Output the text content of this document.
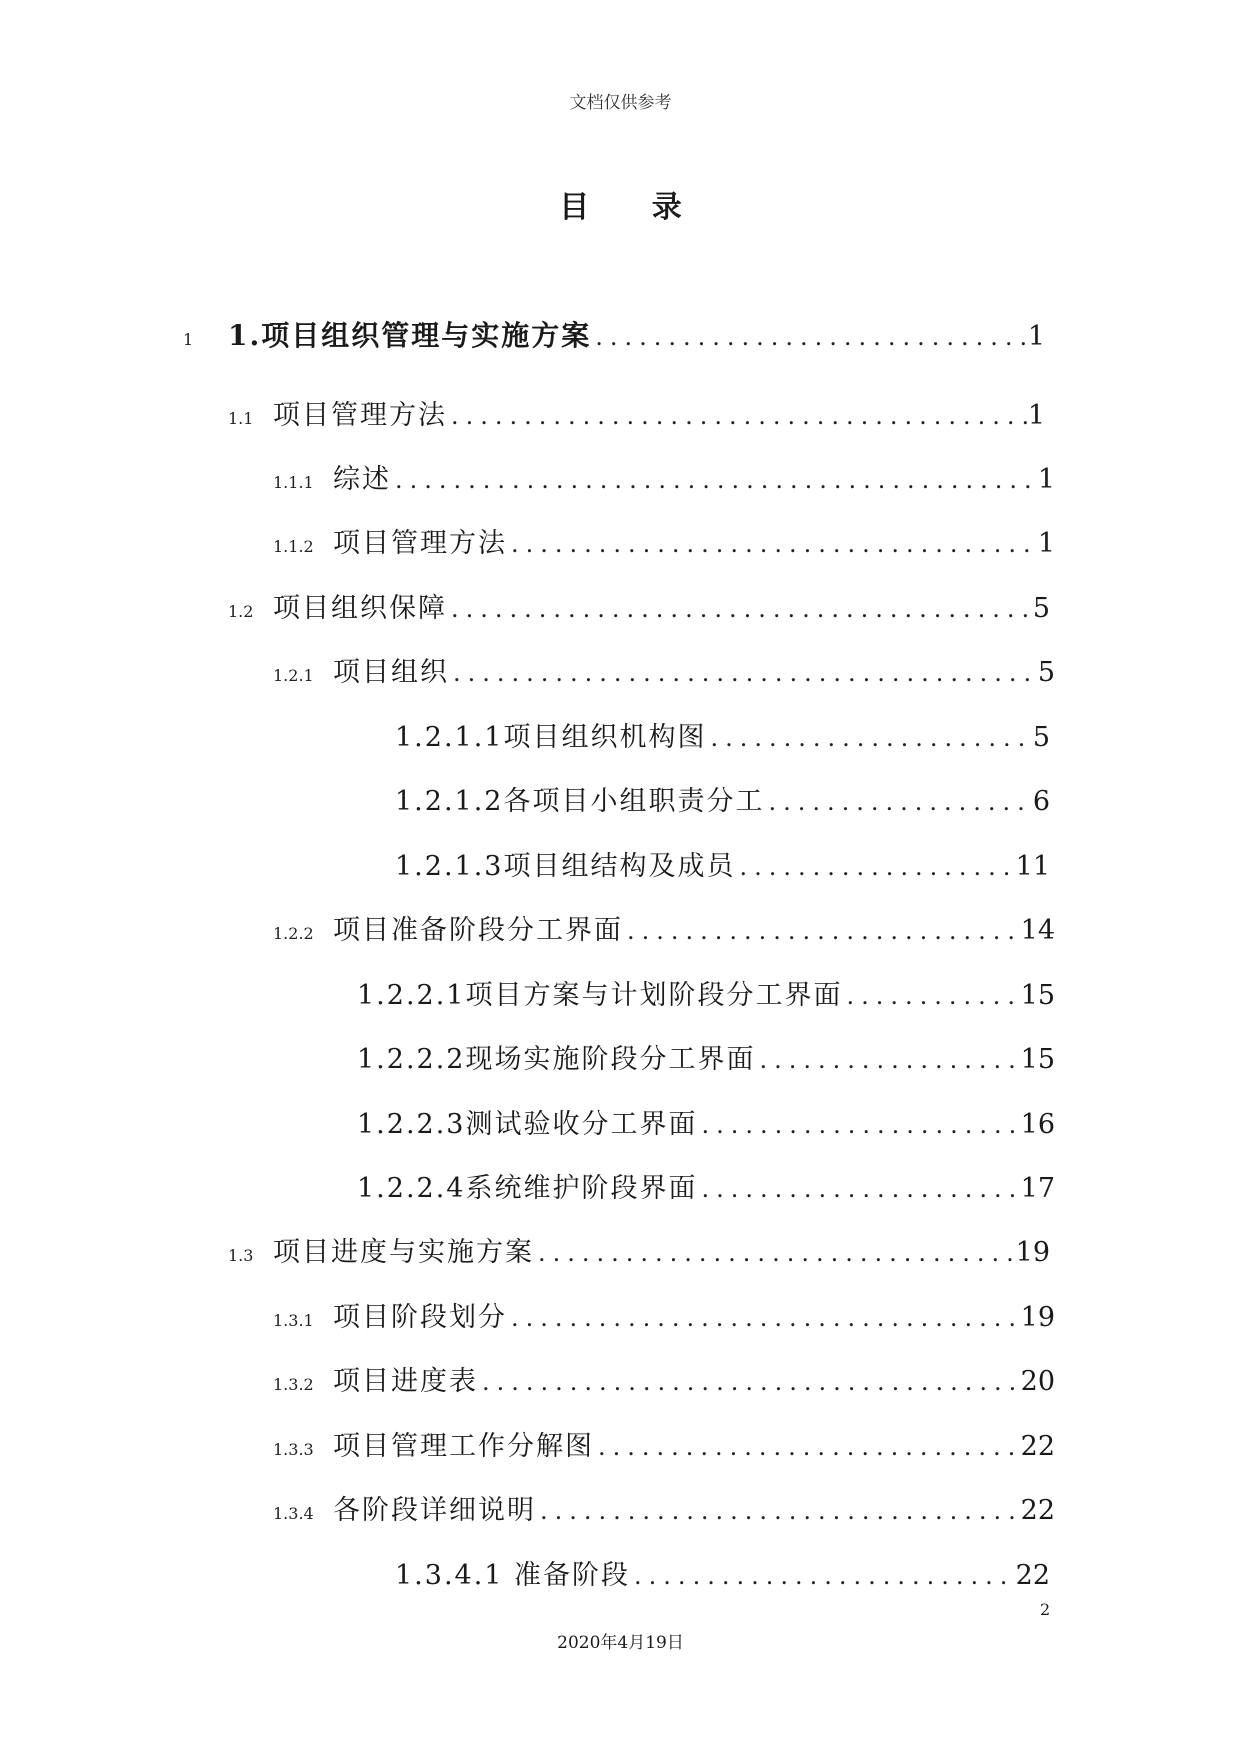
文档仅供参考
目 录
1	1.项目组织管理与实施方案 .....	1
1.1 项目管理方法 .....	1
1.1.1 综述 .....	1
1.1.2 项目管理方法 .....	1
1.2 项目组织保障 .....	5
1.2.1 项目组织 .....	5
1.2.1.1项目组织机构图 .....	5
1.2.1.2各项目小组职责分工 .....	6
1.2.1.3项目组结构及成员 .....	11
1.2.2 项目准备阶段分工界面 .....	14
1.2.2.1项目方案与计划阶段分工界面 .....	15
1.2.2.2现场实施阶段分工界面 .....	15
1.2.2.3测试验收分工界面 .....	16
1.2.2.4系统维护阶段界面 .....	17
1.3 项目进度与实施方案 .....	19
1.3.1 项目阶段划分 .....	19
1.3.2 项目进度表 .....	20
1.3.3 项目管理工作分解图 .....	22
1.3.4 各阶段详细说明 .....	22
1.3.4.1 准备阶段 .....	22
2
2020年4月19日
